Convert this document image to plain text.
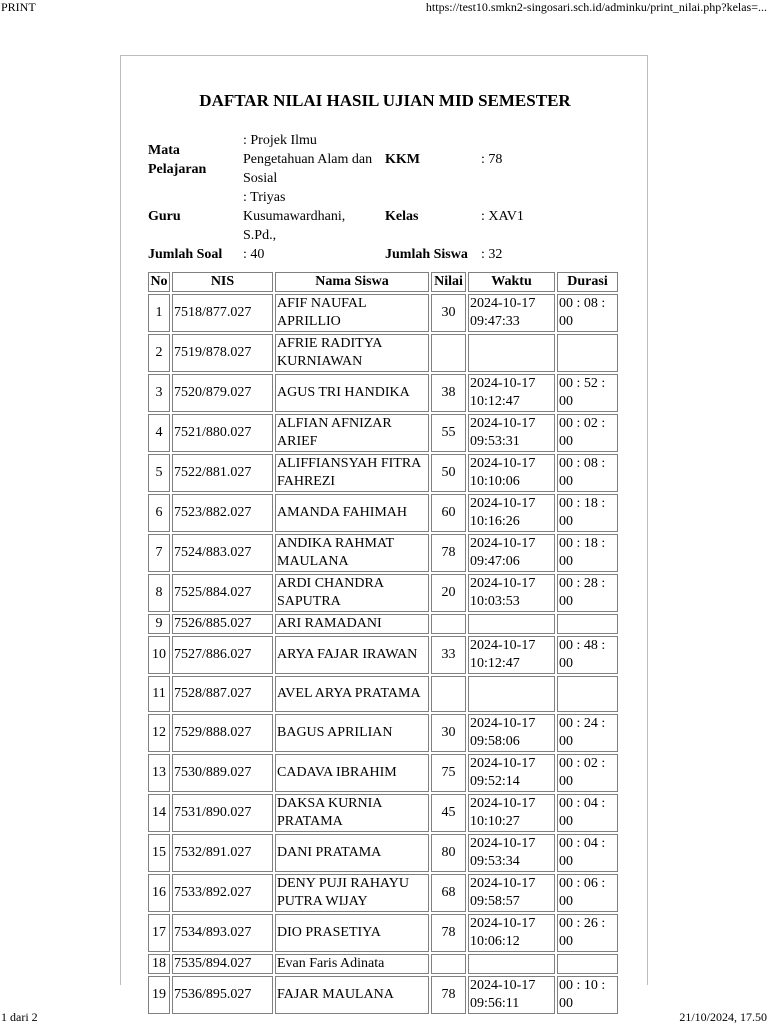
PRINT	https://test10.smkn2-singosari.sch.id/adminku/print_nilai.php?kelas=...
DAFTAR NILAI HASIL UJIAN MID SEMESTER
Mata Pelajaran	: Projek Ilmu Pengetahuan Alam dan Sosial	KKM	: 78
Guru	: Triyas Kusumawardhani, S.Pd.,	Kelas	: XAV1
Jumlah Soal	: 40	Jumlah Siswa	: 32
No	NIS	Nama Siswa	Nilai	Waktu	Durasi
1	7518/877.027	AFIF NAUFAL APRILLIO	30	2024-10-17 09:47:33	00 : 08 : 00
2	7519/878.027	AFRIE RADITYA KURNIAWAN			
3	7520/879.027	AGUS TRI HANDIKA	38	2024-10-17 10:12:47	00 : 52 : 00
4	7521/880.027	ALFIAN AFNIZAR ARIEF	55	2024-10-17 09:53:31	00 : 02 : 00
5	7522/881.027	ALIFFIANSYAH FITRA FAHREZI	50	2024-10-17 10:10:06	00 : 08 : 00
6	7523/882.027	AMANDA FAHIMAH	60	2024-10-17 10:16:26	00 : 18 : 00
7	7524/883.027	ANDIKA RAHMAT MAULANA	78	2024-10-17 09:47:06	00 : 18 : 00
8	7525/884.027	ARDI CHANDRA SAPUTRA	20	2024-10-17 10:03:53	00 : 28 : 00
9	7526/885.027	ARI RAMADANI			
10	7527/886.027	ARYA FAJAR IRAWAN	33	2024-10-17 10:12:47	00 : 48 : 00
11	7528/887.027	AVEL ARYA PRATAMA			
12	7529/888.027	BAGUS APRILIAN	30	2024-10-17 09:58:06	00 : 24 : 00
13	7530/889.027	CADAVA IBRAHIM	75	2024-10-17 09:52:14	00 : 02 : 00
14	7531/890.027	DAKSA KURNIA PRATAMA	45	2024-10-17 10:10:27	00 : 04 : 00
15	7532/891.027	DANI PRATAMA	80	2024-10-17 09:53:34	00 : 04 : 00
16	7533/892.027	DENY PUJI RAHAYU PUTRA WIJAY	68	2024-10-17 09:58:57	00 : 06 : 00
17	7534/893.027	DIO PRASETIYA	78	2024-10-17 10:06:12	00 : 26 : 00
18	7535/894.027	Evan Faris Adinata			
19	7536/895.027	FAJAR MAULANA	78	2024-10-17 09:56:11	00 : 10 : 00
1 dari 2	21/10/2024, 17.50
